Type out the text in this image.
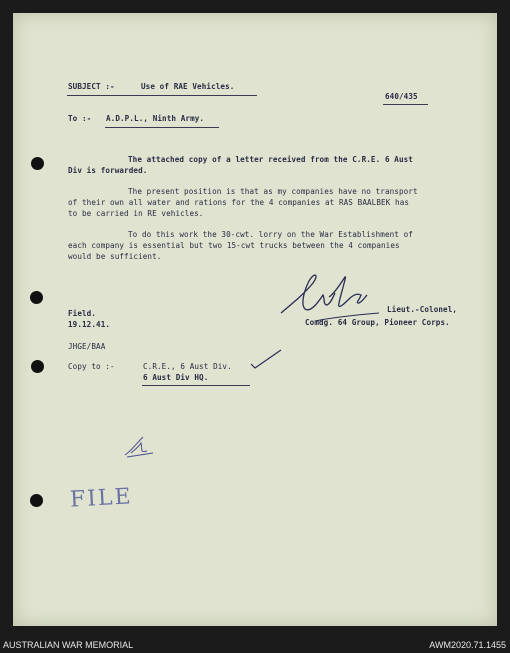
SUBJECT :-	Use of RAE Vehicles.
640/435
To :- A.D.P.L., Ninth Army.
The attached copy of a letter received from the C.R.E. 6 Aust
Div is forwarded.
The present position is that as my companies have no transport
of their own all water and rations for the 4 companies at RAS BAALBEK has
to be carried in RE vehicles.
To do this work the 30-cwt. lorry on the War Establishment of
each company is essential but two 15-cwt trucks between the 4 companies
would be sufficient.
Field.
19.12.41.
Lieut.-Colonel,
Comdg. 64 Group, Pioneer Corps.
JHGE/BAA
Copy to :-	C.R.E., 6 Aust Div.
6 Aust Div HQ.
FILE
AUSTRALIAN WAR MEMORIAL	AWM2020.71.1455
